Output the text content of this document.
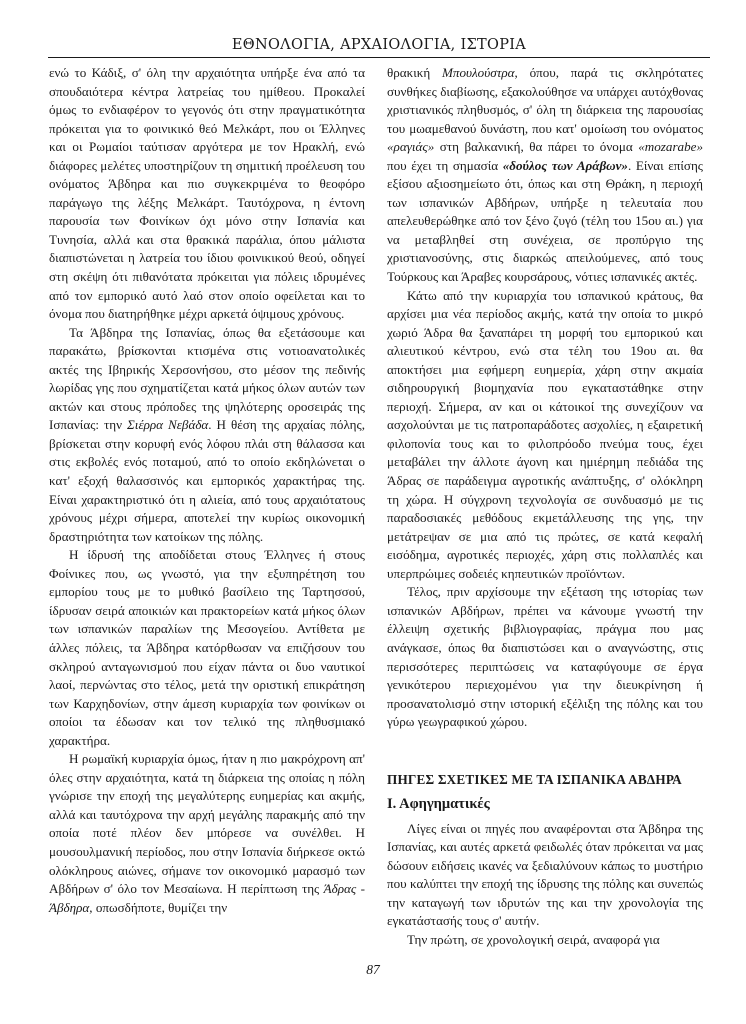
ΕΘΝΟΛΟΓΙΑ, ΑΡΧΑΙΟΛΟΓΙΑ, ΙΣΤΟΡΙΑ

ενώ το Κάδιξ, σ' όλη την αρχαιότητα υπήρξε ένα από τα σπουδαιότερα κέντρα λατρείας του ημίθεου. Προκαλεί όμως το ενδιαφέρον το γεγονός ότι στην πραγματικότητα πρόκειται για το φοινικικό θεό Μελκάρτ, που οι Έλληνες και οι Ρωμαίοι ταύτισαν αργότερα με τον Ηρακλή, ενώ διάφορες μελέτες υποστηρίζουν τη σημιτική προέλευση του ονόματος Άβδηρα και πιο συγκεκριμένα το θεοφόρο παράγωγο της λέξης Μελκάρτ. Ταυτόχρονα, η έντονη παρουσία των Φοινίκων όχι μόνο στην Ισπανία και Τυνησία, αλλά και στα θρακικά παράλια, όπου μάλιστα διαπιστώνεται η λατρεία του ίδιου φοινικικού θεού, οδηγεί στη σκέψη ότι πιθανότατα πρόκειται για πόλεις ιδρυμένες από τον εμπορικό αυτό λαό στον οποίο οφείλεται και το όνομα που διατηρήθηκε μέχρι αρκετά όψιμους χρόνους.

Τα Άβδηρα της Ισπανίας, όπως θα εξετάσουμε και παρακάτω, βρίσκονται κτισμένα στις νοτιοανατολικές ακτές της Ιβηρικής Χερσονήσου, στο μέσον της πεδινής λωρίδας γης που σχηματίζεται κατά μήκος όλων αυτών των ακτών και στους πρόποδες της ψηλότερης οροσειράς της Ισπανίας: την Σιέρρα Νεβάδα. Η θέση της αρχαίας πόλης, βρίσκεται στην κορυφή ενός λόφου πλάι στη θάλασσα και στις εκβολές ενός ποταμού, από το οποίο εκδηλώνεται ο κατ' εξοχή θαλασσινός και εμπορικός χαρακτήρας της. Είναι χαρακτηριστικό ότι η αλιεία, από τους αρχαιότατους χρόνους μέχρι σήμερα, αποτελεί την κυρίως οικονομική δραστηριότητα των κατοίκων της πόλης.

Η ίδρυσή της αποδίδεται στους Έλληνες ή στους Φοίνικες που, ως γνωστό, για την εξυπηρέτηση του εμπορίου τους με το μυθικό βασίλειο της Ταρτησσού, ίδρυσαν σειρά αποικιών και πρακτορείων κατά μήκος όλων των ισπανικών παραλίων της Μεσογείου. Αντίθετα με άλλες πόλεις, τα Άβδηρα κατόρθωσαν να επιζήσουν του σκληρού ανταγωνισμού που είχαν πάντα οι δυο ναυτικοί λαοί, περνώντας στο τέλος, μετά την οριστική επικράτηση των Καρχηδονίων, στην άμεση κυριαρχία των φοινίκων οι οποίοι τα έδωσαν και τον τελικό της πληθυσμιακό χαρακτήρα.

Η ρωμαϊκή κυριαρχία όμως, ήταν η πιο μακρόχρονη απ' όλες στην αρχαιότητα, κατά τη διάρκεια της οποίας η πόλη γνώρισε την εποχή της μεγαλύτερης ευημερίας και ακμής, αλλά και ταυτόχρονα την αρχή μεγάλης παρακμής από την οποία ποτέ πλέον δεν μπόρεσε να συνέλθει. Η μουσουλμανική περίοδος, που στην Ισπανία διήρκεσε οκτώ ολόκληρους αιώνες, σήμανε τον οικονομικό μαρασμό των Αβδήρων σ' όλο τον Μεσαίωνα. Η περίπτωση της Άδρας - Άβδηρα, οπωσδήποτε, θυμίζει την

θρακική Μπουλούστρα, όπου, παρά τις σκληρότατες συνθήκες διαβίωσης, εξακολούθησε να υπάρχει αυτόχθονας χριστιανικός πληθυσμός, σ' όλη τη διάρκεια της παρουσίας του μωαμεθανού δυνάστη, που κατ' ομοίωση του ονόματος «ραγιάς» στη βαλκανική, θα πάρει το όνομα «mozarabe» που έχει τη σημασία «δούλος των Αράβων». Είναι επίσης εξίσου αξιοσημείωτο ότι, όπως και στη Θράκη, η περιοχή των ισπανικών Αβδήρων, υπήρξε η τελευταία που απελευθερώθηκε από τον ξένο ζυγό (τέλη του 15ου αι.) για να μεταβληθεί στη συνέχεια, σε προπύργιο της χριστιανοσύνης, στις διαρκώς απειλούμενες, από τους Τούρκους και Άραβες κουρσάρους, νότιες ισπανικές ακτές.

Κάτω από την κυριαρχία του ισπανικού κράτους, θα αρχίσει μια νέα περίοδος ακμής, κατά την οποία το μικρό χωριό Άδρα θα ξαναπάρει τη μορφή του εμπορικού και αλιευτικού κέντρου, ενώ στα τέλη του 19ου αι. θα αποκτήσει μια εφήμερη ευημερία, χάρη στην ακμαία σιδηρουργική βιομηχανία που εγκαταστάθηκε στην περιοχή. Σήμερα, αν και οι κάτοικοί της συνεχίζουν να ασχολούνται με τις πατροπαράδοτες ασχολίες, η εξαιρετική φιλοπονία τους και το φιλοπρόοδο πνεύμα τους, έχει μεταβάλει την άλλοτε άγονη και ημιέρημη πεδιάδα της Άδρας σε παράδειγμα αγροτικής ανάπτυξης, σ' ολόκληρη τη χώρα. Η σύγχρονη τεχνολογία σε συνδυασμό με τις παραδοσιακές μεθόδους εκμετάλλευσης της γης, την μετάτρεψαν σε μια από τις πρώτες, σε κατά κεφαλή εισόδημα, αγροτικές περιοχές, χάρη στις πολλαπλές και υπερπρώιμες σοδειές κηπευτικών προϊόντων.

Τέλος, πριν αρχίσουμε την εξέταση της ιστορίας των ισπανικών Αβδήρων, πρέπει να κάνουμε γνωστή την έλλειψη σχετικής βιβλιογραφίας, πράγμα που μας ανάγκασε, όπως θα διαπιστώσει και ο αναγνώστης, στις περισσότερες περιπτώσεις να καταφύγουμε σε έργα γενικότερου περιεχομένου για την διευκρίνηση ή προσανατολισμό στην ιστορική εξέλιξη της πόλης και του γύρω γεωγραφικού χώρου.

ΠΗΓΕΣ ΣΧΕΤΙΚΕΣ ΜΕ ΤΑ ΙΣΠΑΝΙΚΑ ΑΒΔΗΡΑ
Ι. Αφηγηματικές

Λίγες είναι οι πηγές που αναφέρονται στα Άβδηρα της Ισπανίας, και αυτές αρκετά φειδωλές όταν πρόκειται να μας δώσουν ειδήσεις ικανές να ξεδιαλύνουν κάπως το μυστήριο που καλύπτει την εποχή της ίδρυσης της πόλης και συνεπώς την καταγωγή των ιδρυτών της και την χρονολογία της εγκατάστασής τους σ' αυτήν.

Την πρώτη, σε χρονολογική σειρά, αναφορά για

87
